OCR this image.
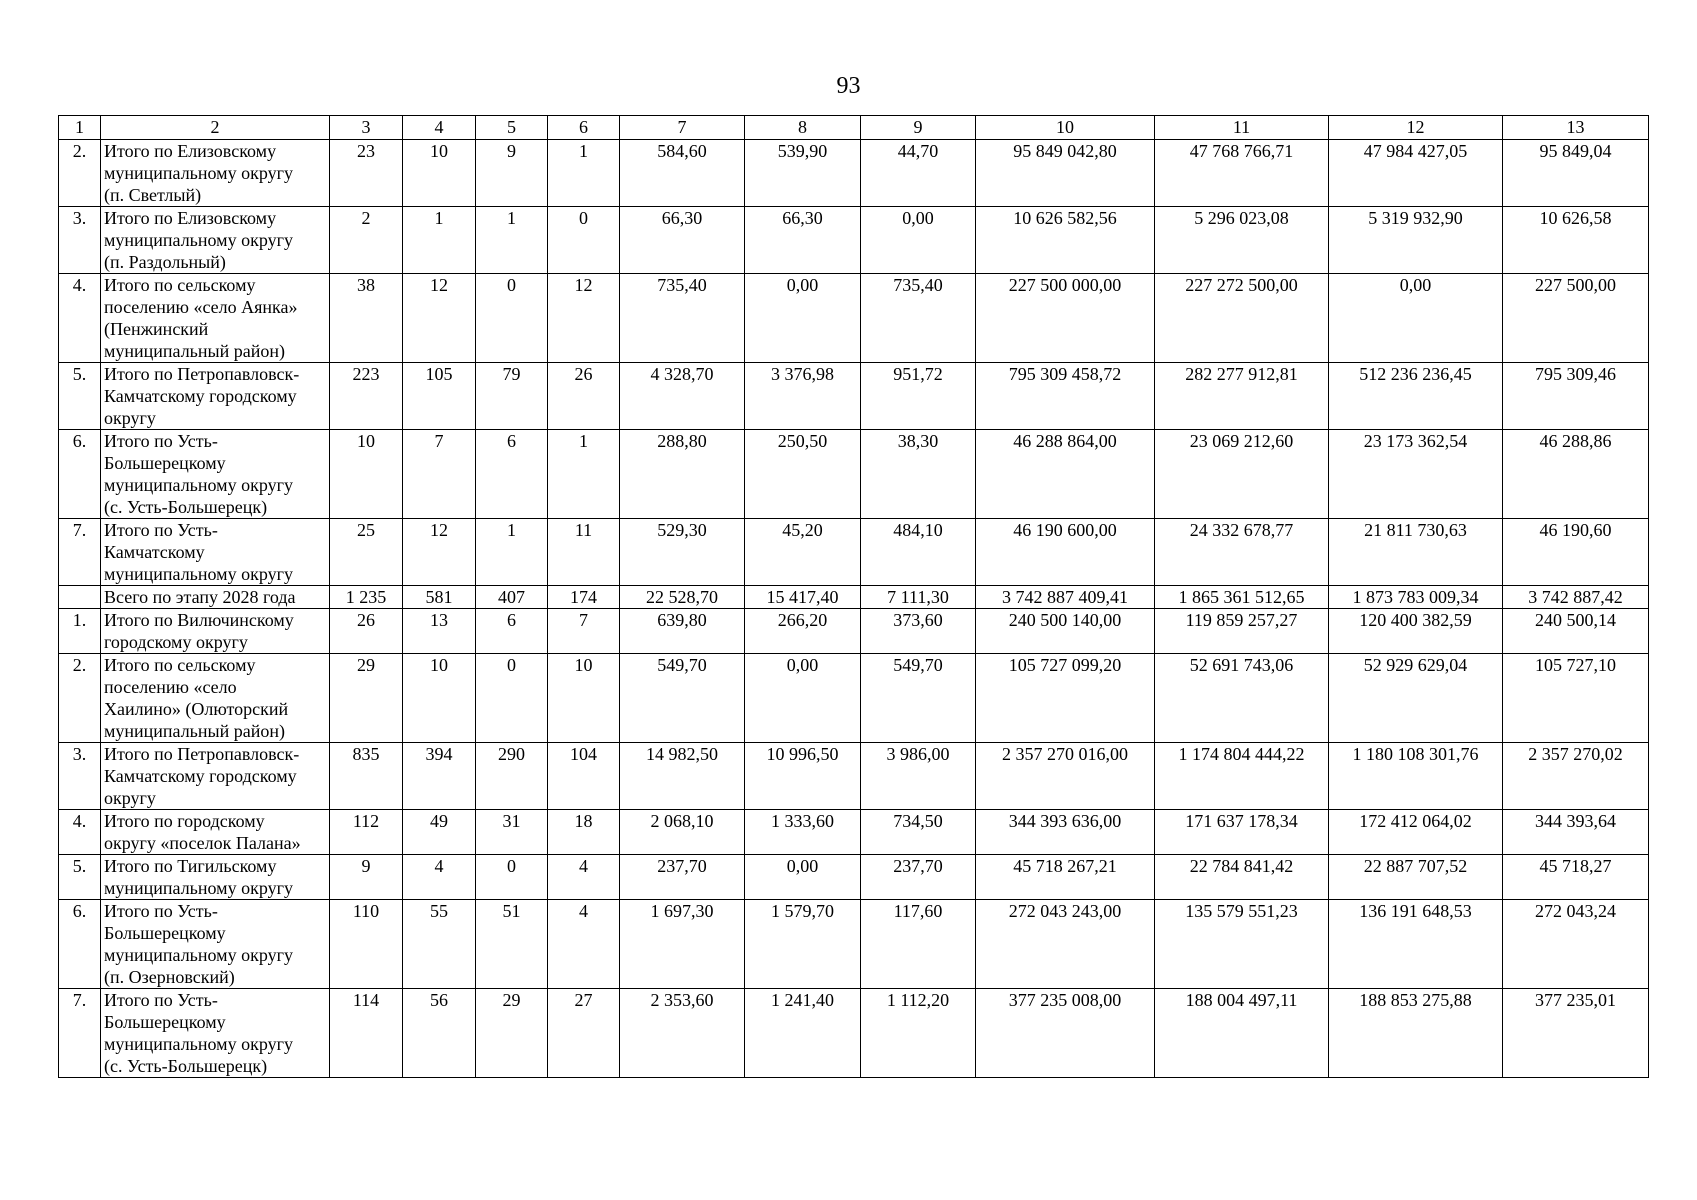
93
1	2	3	4	5	6	7	8	9	10	11	12	13
2.	Итого по Елизовскому
муниципальному округу
(п. Светлый)	23	10	9	1	584,60	539,90	44,70	95 849 042,80	47 768 766,71	47 984 427,05	95 849,04
3.	Итого по Елизовскому
муниципальному округу
(п. Раздольный)	2	1	1	0	66,30	66,30	0,00	10 626 582,56	5 296 023,08	5 319 932,90	10 626,58
4.	Итого по сельскому
поселению «село Аянка»
(Пенжинский
муниципальный район)	38	12	0	12	735,40	0,00	735,40	227 500 000,00	227 272 500,00	0,00	227 500,00
5.	Итого по Петропавловск-
Камчатскому городскому
округу	223	105	79	26	4 328,70	3 376,98	951,72	795 309 458,72	282 277 912,81	512 236 236,45	795 309,46
6.	Итого по Усть-
Большерецкому
муниципальному округу
(с. Усть-Большерецк)	10	7	6	1	288,80	250,50	38,30	46 288 864,00	23 069 212,60	23 173 362,54	46 288,86
7.	Итого по Усть-
Камчатскому
муниципальному округу	25	12	1	11	529,30	45,20	484,10	46 190 600,00	24 332 678,77	21 811 730,63	46 190,60

	Всего по этапу 2028 года	1 235	581	407	174	22 528,70	15 417,40	7 111,30	3 742 887 409,41	1 865 361 512,65	1 873 783 009,34	3 742 887,42
1.	Итого по Вилючинскому
городскому округу	26	13	6	7	639,80	266,20	373,60	240 500 140,00	119 859 257,27	120 400 382,59	240 500,14
2.	Итого по сельскому
поселению «село
Хаилино» (Олюторский
муниципальный район)	29	10	0	10	549,70	0,00	549,70	105 727 099,20	52 691 743,06	52 929 629,04	105 727,10
3.	Итого по Петропавловск-
Камчатскому городскому
округу	835	394	290	104	14 982,50	10 996,50	3 986,00	2 357 270 016,00	1 174 804 444,22	1 180 108 301,76	2 357 270,02
4.	Итого по городскому
округу «поселок Палана»	112	49	31	18	2 068,10	1 333,60	734,50	344 393 636,00	171 637 178,34	172 412 064,02	344 393,64
5.	Итого по Тигильскому
муниципальному округу	9	4	0	4	237,70	0,00	237,70	45 718 267,21	22 784 841,42	22 887 707,52	45 718,27
6.	Итого по Усть-
Большерецкому
муниципальному округу
(п. Озерновский)	110	55	51	4	1 697,30	1 579,70	117,60	272 043 243,00	135 579 551,23	136 191 648,53	272 043,24
7.	Итого по Усть-
Большерецкому
муниципальному округу
(с. Усть-Большерецк)	114	56	29	27	2 353,60	1 241,40	1 112,20	377 235 008,00	188 004 497,11	188 853 275,88	377 235,01
